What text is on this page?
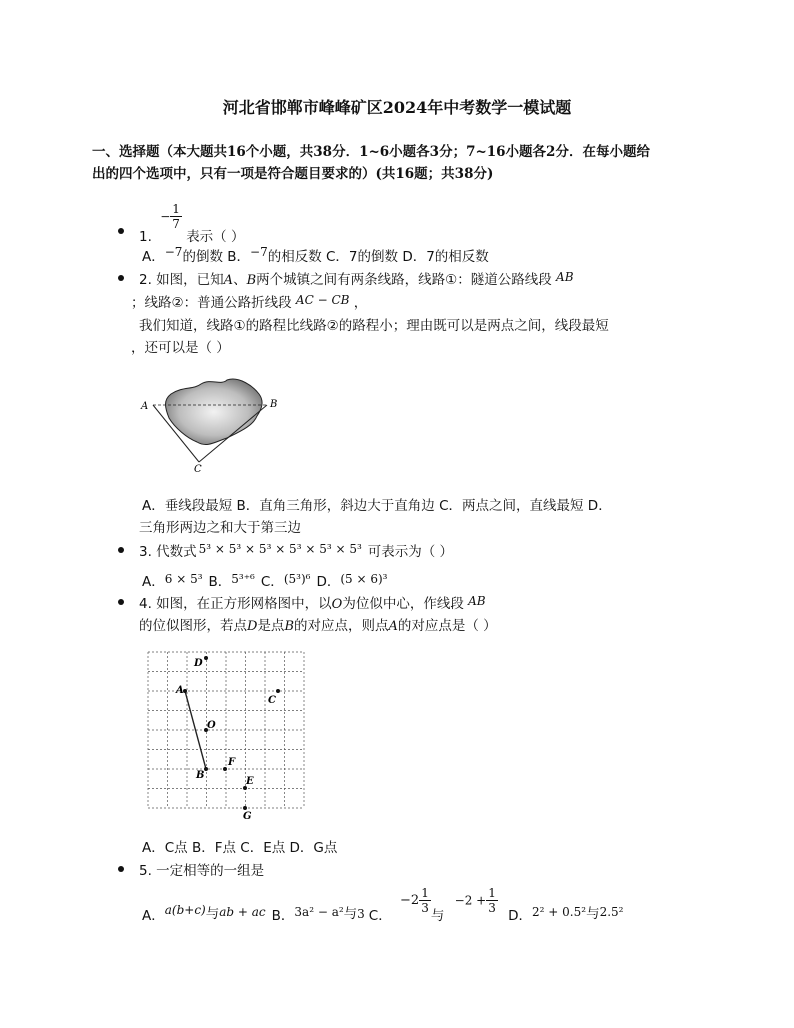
河北省邯郸市峰峰矿区2024年中考数学一模试题
一、选择题（本大题共16个小题，共38分．1~6小题各3分；7~16小题各2分．在每小题给
出的四个选项中，只有一项是符合题目要求的）(共16题；共38分)
1. − $\frac{1}{7}$
表示（ ）
A．−7的倒数 B．−7的相反数 C．7的倒数 D．7的相反数
2. 如图，已知A、B两个城镇之间有两条线路，线路①：隧道公路线段 AB
；线路②：普通公路折线段 AC − CB ，
我们知道，线路①的路程比线路②的路程小；理由既可以是两点之间，线段最短
，还可以是（ ）
A	B
C
A．垂线段最短 B．直角三角形，斜边大于直角边 C．两点之间，直线最短 D．
三角形两边之和大于第三边
3. 代数式 5³ × 5³ × 5³ × 5³ × 5³ × 5³ 可表示为（ ）
A．6 × 5³ B．5³⁺⁶ C．(5³)⁶ D．(5 × 6)³
4. 如图，在正方形网格图中，以O为位似中心，作线段 AB
的位似图形，若点D是点B的对应点，则点A的对应点是（ ）
D
A
C
O
F
B
E
G
A．C点 B．F点 C．E点 D．G点
5. 一定相等的一组是
A．a(b+c)与ab + ac B．3a² − a²与3 C． $-2 \frac{1}{3}$
与 $-2 + \frac{1}{3}$
D．2² + 0.5²与2.5²
